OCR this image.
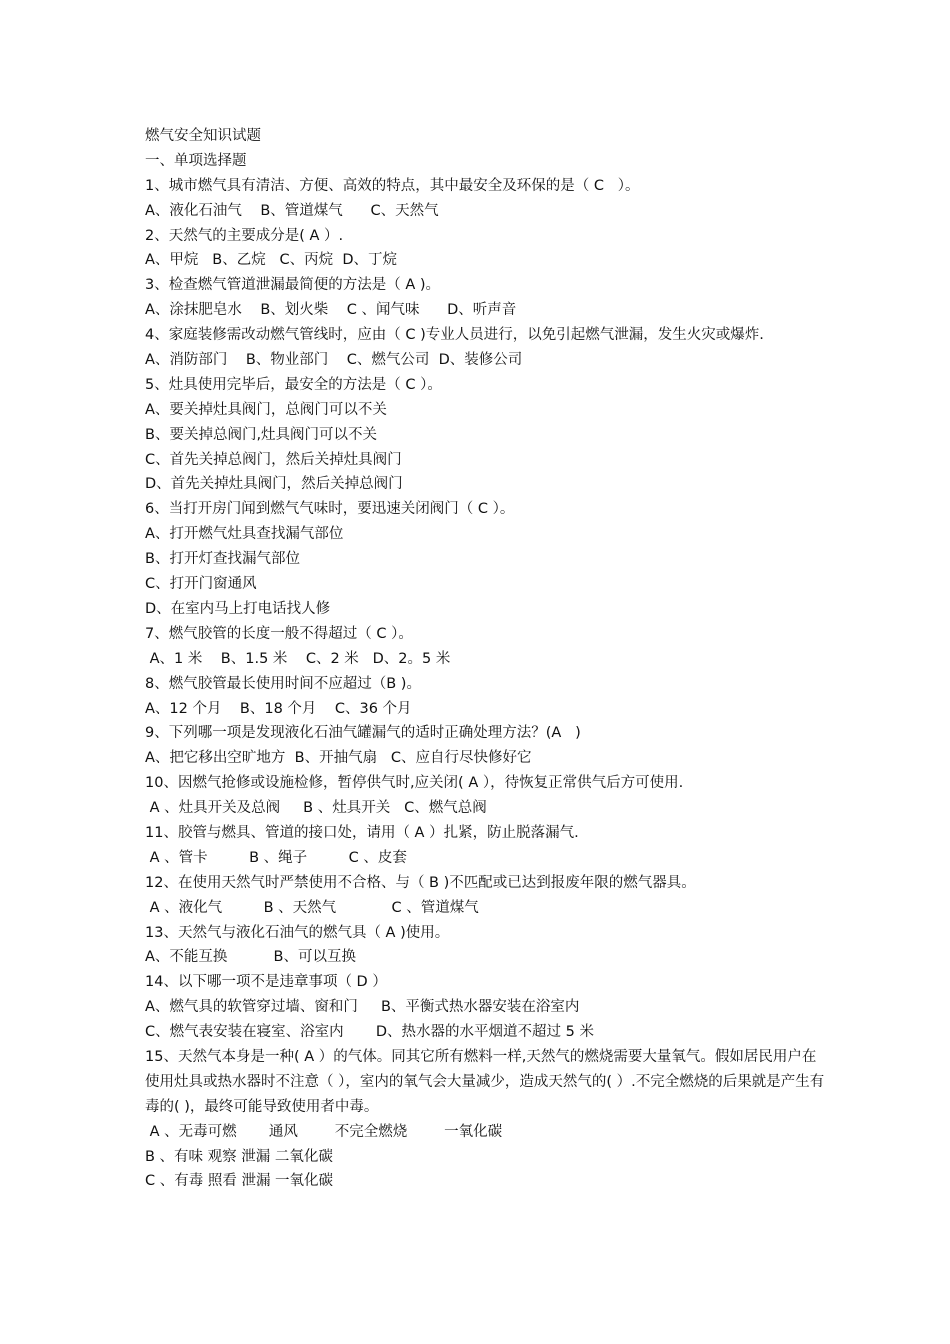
燃气安全知识试题
一、单项选择题
1、城市燃气具有清洁、方便、高效的特点，其中最安全及环保的是（ C   ）。
A、液化石油气    B、管道煤气      C、天然气
2、天然气的主要成分是( A ）.
A、甲烷   B、乙烷   C、丙烷  D、丁烷
3、检查燃气管道泄漏最简便的方法是（ A )。
A、涂抹肥皂水    B、划火柴    C 、闻气味      D、听声音
4、家庭装修需改动燃气管线时，应由（ C )专业人员进行，以免引起燃气泄漏，发生火灾或爆炸.
A、消防部门    B、物业部门    C、燃气公司  D、装修公司
5、灶具使用完毕后，最安全的方法是（ C ）。
A、要关掉灶具阀门，总阀门可以不关
B、要关掉总阀门,灶具阀门可以不关
C、首先关掉总阀门，然后关掉灶具阀门
D、首先关掉灶具阀门，然后关掉总阀门
6、当打开房门闻到燃气气味时，要迅速关闭阀门（ C ）。
A、打开燃气灶具查找漏气部位
B、打开灯查找漏气部位
C、打开门窗通风
D、在室内马上打电话找人修
7、燃气胶管的长度一般不得超过（ C ）。
A、1 米    B、1.5 米    C、2 米   D、2。5 米
8、燃气胶管最长使用时间不应超过（B )。
A、12 个月    B、18 个月    C、36 个月
9、下列哪一项是发现液化石油气罐漏气的适时正确处理方法？(A   )
A、把它移出空旷地方  B、开抽气扇   C、应自行尽快修好它
10、因燃气抢修或设施检修，暂停供气时,应关闭( A ），待恢复正常供气后方可使用.
A 、灶具开关及总阀     B 、灶具开关   C、燃气总阀
11、胶管与燃具、管道的接口处，请用（ A ）扎紧，防止脱落漏气.
A 、管卡         B 、绳子         C 、皮套
12、在使用天然气时严禁使用不合格、与（ B )不匹配或已达到报废年限的燃气器具。
A 、液化气         B 、天然气            C 、管道煤气
13、天然气与液化石油气的燃气具（ A )使用。
A、不能互换          B、可以互换
14、以下哪一项不是违章事项（ D ）
A、燃气具的软管穿过墙、窗和门     B、平衡式热水器安装在浴室内
C、燃气表安装在寝室、浴室内       D、热水器的水平烟道不超过 5 米
15、天然气本身是一种( A ）的气体。同其它所有燃料一样,天然气的燃烧需要大量氧气。假如居民用户在使用灶具或热水器时不注意（ ），室内的氧气会大量减少，造成天然气的( ）.不完全燃烧的后果就是产生有毒的( )，最终可能导致使用者中毒。
A 、无毒可燃       通风        不完全燃烧        一氧化碳
B 、有味 观察 泄漏 二氧化碳
C 、有毒 照看 泄漏 一氧化碳
